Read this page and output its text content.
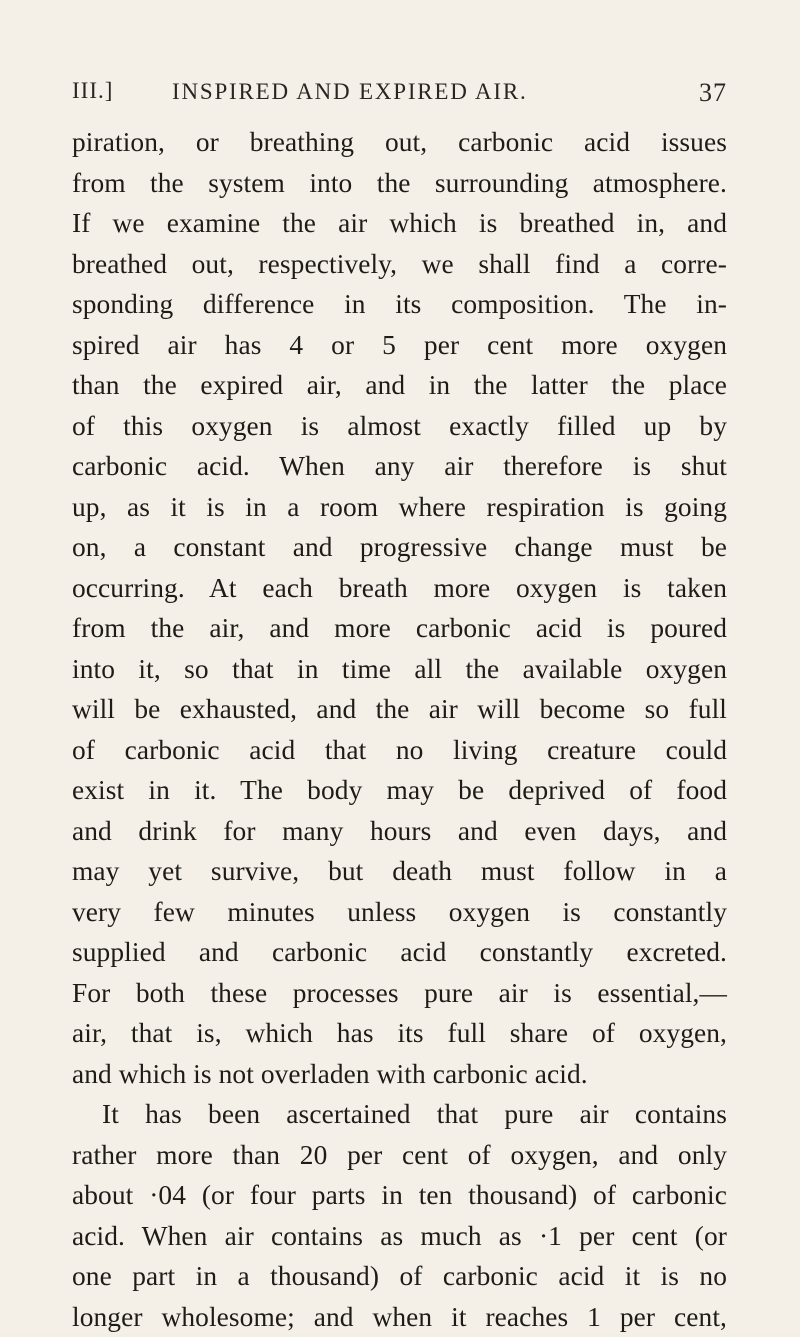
III.]	INSPIRED AND EXPIRED AIR.	37
piration, or breathing out, carbonic acid issues
from the system into the surrounding atmosphere.
If we examine the air which is breathed in, and
breathed out, respectively, we shall find a corre-
sponding difference in its composition. The in-
spired air has 4 or 5 per cent more oxygen
than the expired air, and in the latter the place
of this oxygen is almost exactly filled up by
carbonic acid. When any air therefore is shut
up, as it is in a room where respiration is going
on, a constant and progressive change must be
occurring. At each breath more oxygen is taken
from the air, and more carbonic acid is poured
into it, so that in time all the available oxygen
will be exhausted, and the air will become so full
of carbonic acid that no living creature could
exist in it. The body may be deprived of food
and drink for many hours and even days, and
may yet survive, but death must follow in a
very few minutes unless oxygen is constantly
supplied and carbonic acid constantly excreted.
For both these processes pure air is essential,—
air, that is, which has its full share of oxygen,
and which is not overladen with carbonic acid.
It has been ascertained that pure air contains
rather more than 20 per cent of oxygen, and only
about ·04 (or four parts in ten thousand) of carbonic
acid. When air contains as much as ·1 per cent (or
one part in a thousand) of carbonic acid it is no
longer wholesome; and when it reaches 1 per cent,
